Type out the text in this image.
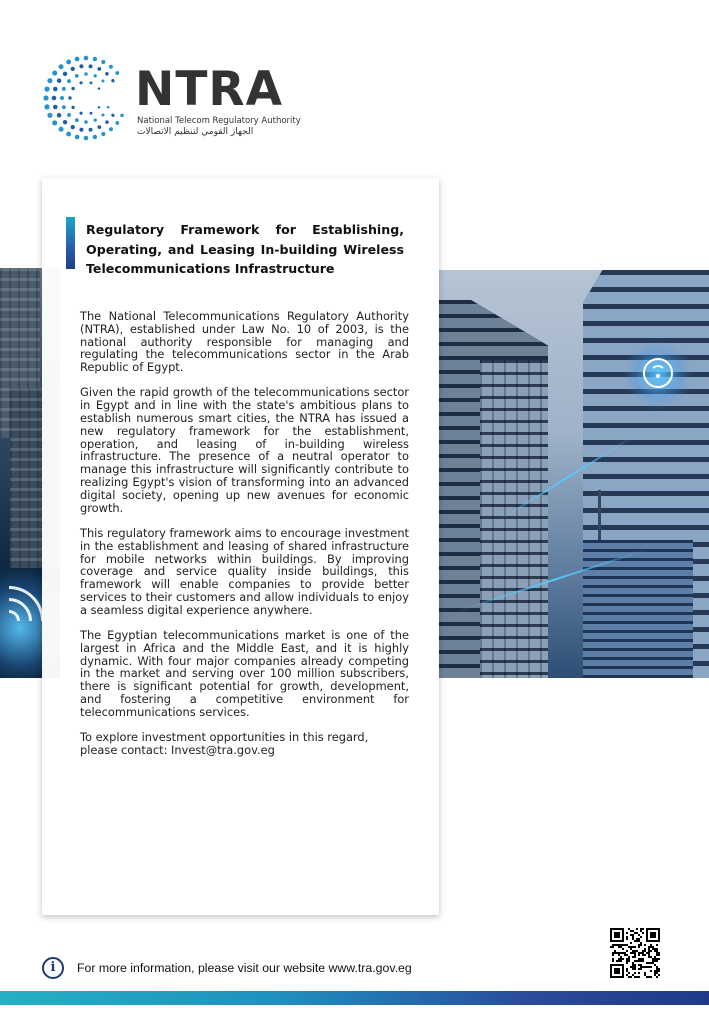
NTRA
National Telecom Regulatory Authority
الجهاز القومي لتنظيم الاتصالات
Regulatory Framework for Establishing, Operating, and Leasing In-building Wireless Telecommunications Infrastructure

The National Telecommunications Regulatory Authority (NTRA), established under Law No. 10 of 2003, is the national authority responsible for managing and regulating the telecommunications sector in the Arab Republic of Egypt.

Given the rapid growth of the telecommunications sector in Egypt and in line with the state's ambitious plans to establish numerous smart cities, the NTRA has issued a new regulatory framework for the establishment, operation, and leasing of in-building wireless infrastructure. The presence of a neutral operator to manage this infrastructure will significantly contribute to realizing Egypt's vision of transforming into an advanced digital society, opening up new avenues for economic growth.

This regulatory framework aims to encourage investment in the establishment and leasing of shared infrastructure for mobile networks within buildings. By improving coverage and service quality inside buildings, this framework will enable companies to provide better services to their customers and allow individuals to enjoy a seamless digital experience anywhere.

The Egyptian telecommunications market is one of the largest in Africa and the Middle East, and it is highly dynamic. With four major companies already competing in the market and serving over 100 million subscribers, there is significant potential for growth, development, and fostering a competitive environment for telecommunications services.

To explore investment opportunities in this regard, please contact: Invest@tra.gov.eg

i	For more information, please visit our website www.tra.gov.eg
